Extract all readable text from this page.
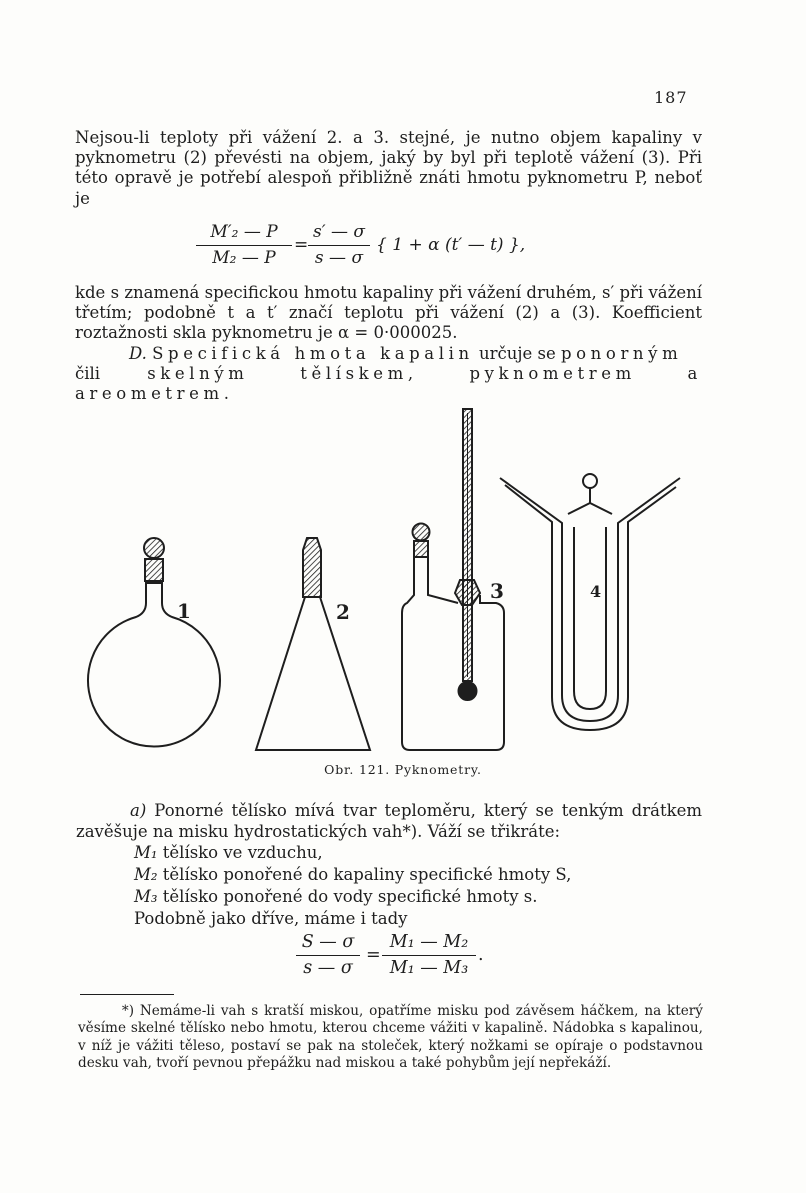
187
Nejsou-li teploty při vážení 2. a 3. stejné, je nutno objem kapaliny v pyknometru (2) převésti na objem, jaký by byl při teplotě vážení (3). Při této opravě je potřebí alespoň přibližně znáti hmotu pyknometru P, neboť je
M′₂ — P
M₂ — P
=
s′ — σ
s — σ
{ 1 + α (t′ — t) },
kde s znamená specifickou hmotu kapaliny při vážení druhém, s′ při vážení třetím; podobně t a t′ značí teplotu při vážení (2) a (3). Koefficient roztažnosti skla pyknometru je α = 0·000025.
D. Specifická hmota kapalin určuje se ponorným
čili	skelným tělískem, pyknometrem a areometrem.
1	2
3	4
Obr. 121. Pyknometry.
a) Ponorné tělísko mívá tvar teploměru, který se tenkým drátkem zavěšuje na misku hydrostatických vah*). Váží se třikráte:
M₁ tělísko ve vzduchu,
M₂ tělísko ponořené do kapaliny specifické hmoty S,
M₃ tělísko ponořené do vody specifické hmoty s.
Podobně jako dříve, máme i tady
S — σ
s — σ
=
M₁ — M₂
M₁ — M₃
.
*) Nemáme-li vah s kratší miskou, opatříme misku pod závěsem háčkem, na který věsíme skelné tělísko nebo hmotu, kterou chceme vážiti v kapalině. Nádobka s kapalinou, v níž je vážiti těleso, postaví se pak na stoleček, který nožkami se opíraje o podstavnou desku vah, tvoří pevnou přepážku nad miskou a také pohybům její nepřekáží.
